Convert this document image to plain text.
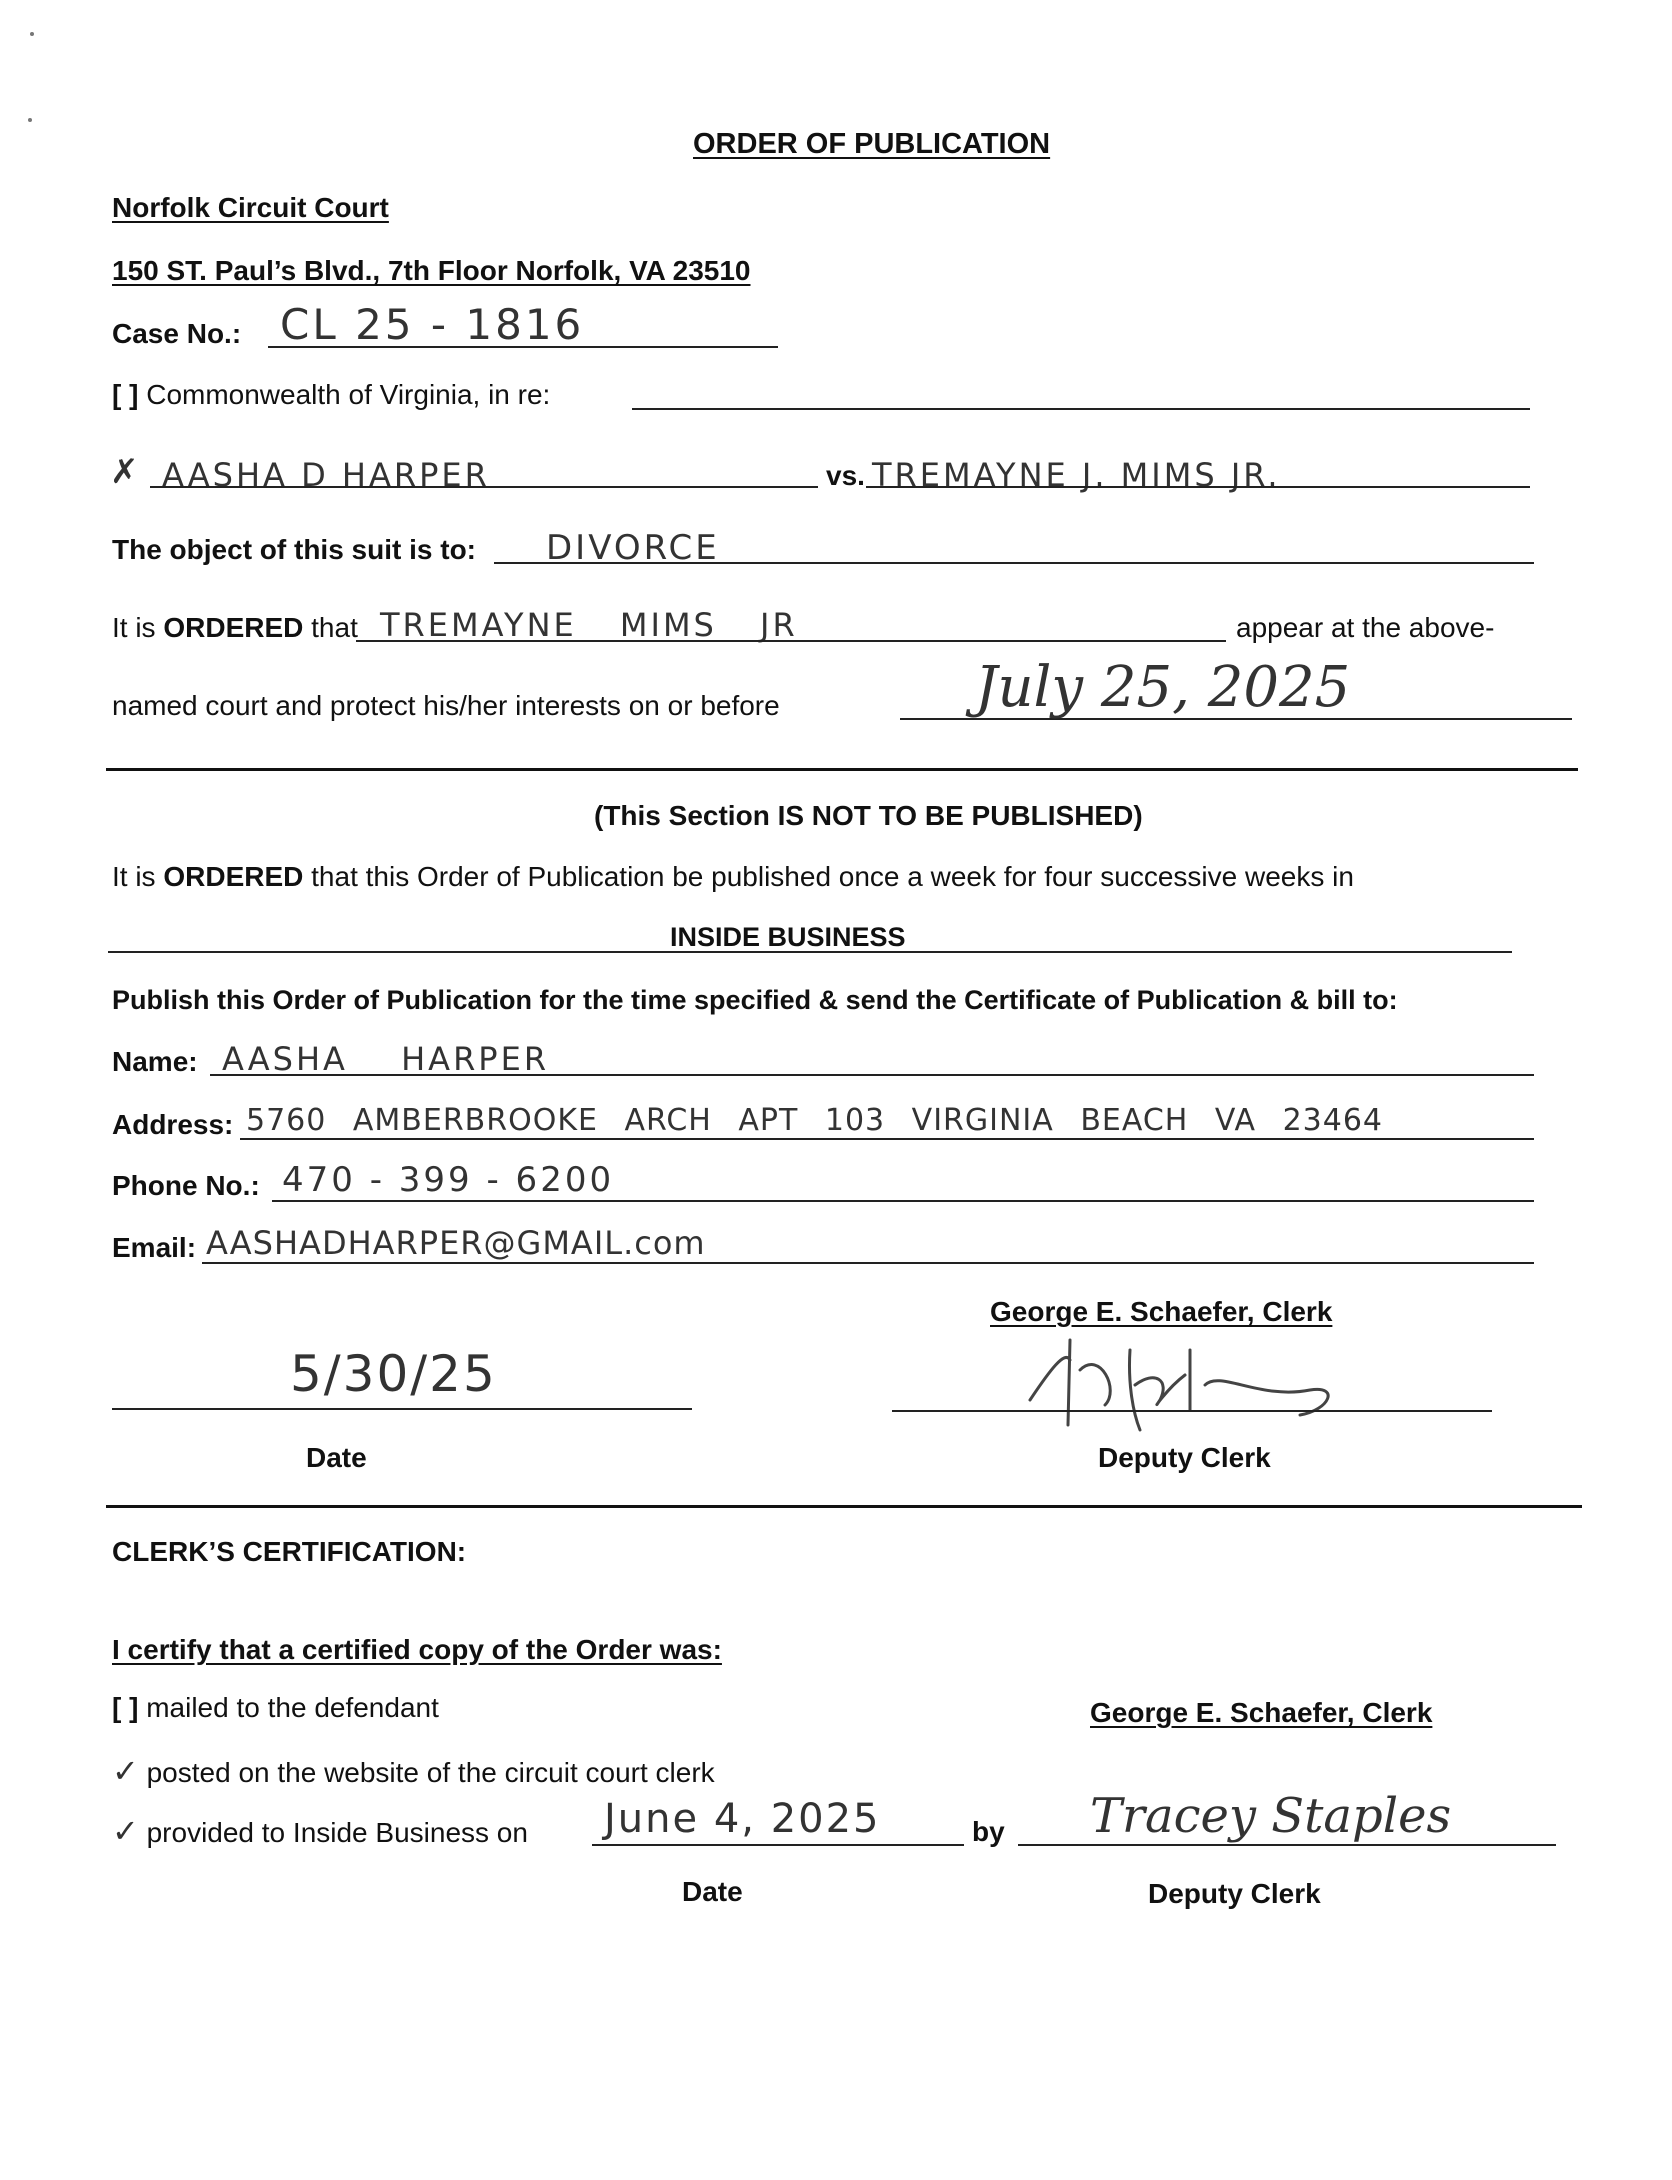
ORDER OF PUBLICATION
Norfolk Circuit Court
150 ST. Paul’s Blvd., 7th Floor Norfolk, VA 23510
Case No.: CL 25 - 1816
[ ] Commonwealth of Virginia, in re:
✗ AASHA D HARPER	vs. TREMAYNE J. MIMS JR.
The object of this suit is to: DIVORCE
It is ORDERED that TREMAYNE MIMS JR	appear at the above-
named court and protect his/her interests on or before	July 25, 2025
(This Section IS NOT TO BE PUBLISHED)
It is ORDERED that this Order of Publication be published once a week for four successive weeks in
INSIDE BUSINESS
Publish this Order of Publication for the time specified & send the Certificate of Publication & bill to:
Name: AASHA HARPER
Address: 5760 AMBERBROOKE ARCH APT 103 VIRGINIA BEACH VA 23464
Phone No.: 470 - 399 - 6200
Email: AASHADHARPER@GMAIL.com
George E. Schaefer, Clerk
5/30/25
Date	Deputy Clerk
CLERK’S CERTIFICATION:
I certify that a certified copy of the Order was:
[ ] mailed to the defendant	George E. Schaefer, Clerk
✓ posted on the website of the circuit court clerk
✓ provided to Inside Business on June 4, 2025	by Tracey Staples
Date	Deputy Clerk
